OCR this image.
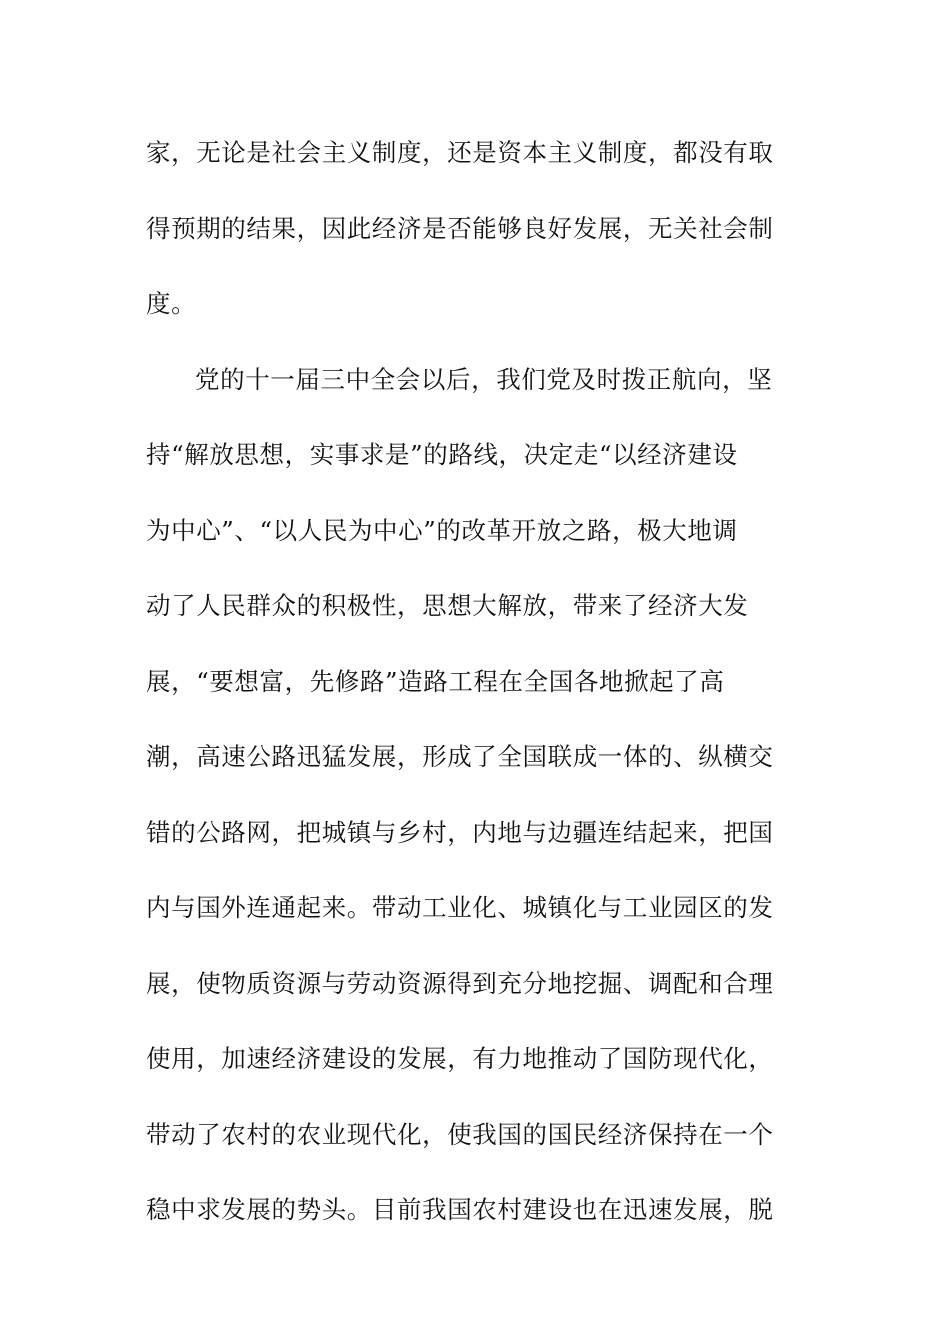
家，无论是社会主义制度，还是资本主义制度，都没有取
得预期的结果，因此经济是否能够良好发展，无关社会制
度。
党的十一届三中全会以后，我们党及时拨正航向，坚
持“解放思想，实事求是”的路线，决定走“以经济建设
为中心”、“以人民为中心”的改革开放之路，极大地调
动了人民群众的积极性，思想大解放，带来了经济大发
展，“要想富，先修路”造路工程在全国各地掀起了高
潮，高速公路迅猛发展，形成了全国联成一体的、纵横交
错的公路网，把城镇与乡村，内地与边疆连结起来，把国
内与国外连通起来。带动工业化、城镇化与工业园区的发
展，使物质资源与劳动资源得到充分地挖掘、调配和合理
使用，加速经济建设的发展，有力地推动了国防现代化，
带动了农村的农业现代化，使我国的国民经济保持在一个
稳中求发展的势头。目前我国农村建设也在迅速发展，脱
